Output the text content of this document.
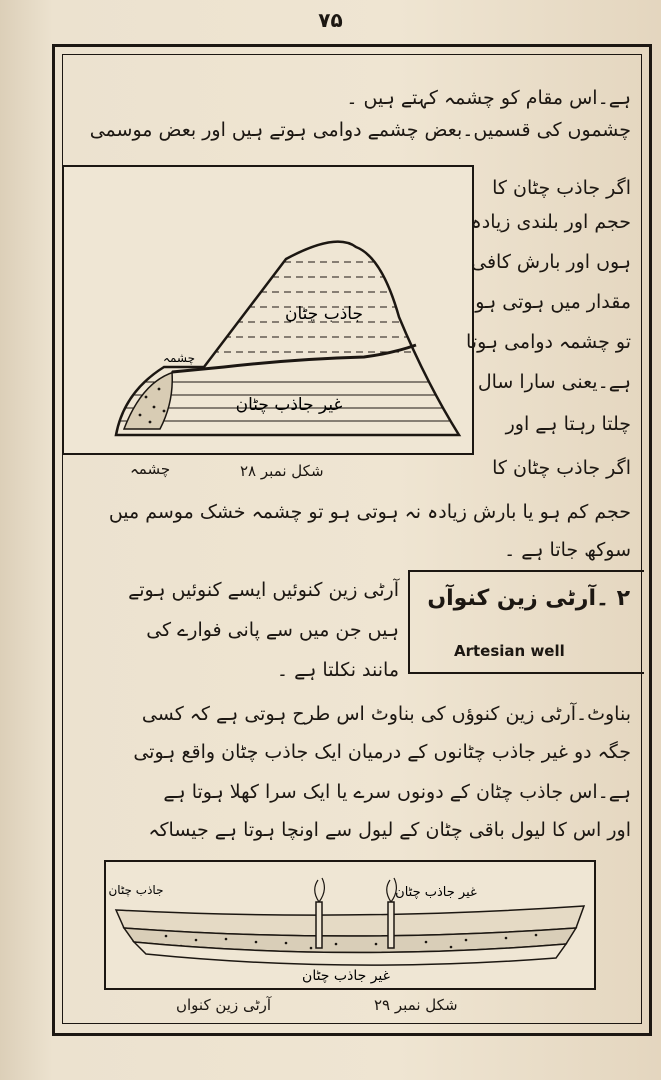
۷۵
ہے۔اس مقام کو چشمہ کہتے ہیں ۔
چشموں کی قسمیں۔بعض چشمے دوامی ہوتے ہیں اور بعض موسمی
جاذب چٹان
غیر جاذب چٹان
چشمہ
شکل نمبر ۲۸
چشمہ
اگر جاذب چٹان کا
حجم اور بلندی زیادہ
ہوں اور بارش کافی
مقدار میں ہوتی ہو
تو چشمہ دوامی ہوتا
ہے۔یعنی سارا سال
چلتا رہتا ہے اور
اگر جاذب چٹان کا
حجم کم ہو یا بارش زیادہ نہ ہوتی ہو تو چشمہ خشک موسم میں
سوکھ جاتا ہے ۔
۲ ۔آرٹی زین کنوآں
Artesian well
آرٹی زین کنوئیں ایسے کنوئیں ہوتے
ہیں جن میں سے پانی فوارے کی
مانند نکلتا ہے ۔
بناوٹ۔آرٹی زین کنوؤں کی بناوٹ اس طرح ہوتی ہے کہ کسی
جگہ دو غیر جاذب چٹانوں کے درمیان ایک جاذب چٹان واقع ہوتی
ہے۔اس جاذب چٹان کے دونوں سرے یا ایک سرا کھلا ہوتا ہے
اور اس کا لیول باقی چٹان کے لیول سے اونچا ہوتا ہے جیساکہ
جاذب چٹان	غیر جاذب چٹان
غیر جاذب چٹان
شکل نمبر ۲۹
آرٹی زین کنواں
